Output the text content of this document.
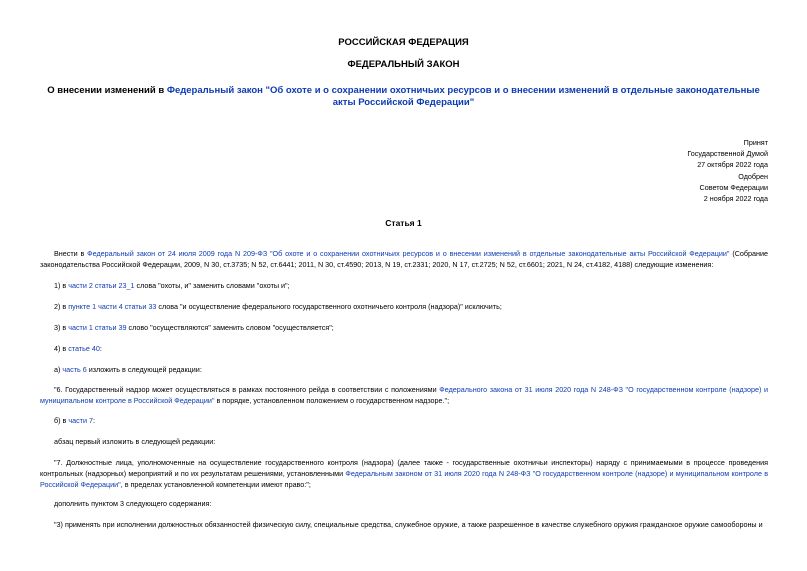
РОССИЙСКАЯ ФЕДЕРАЦИЯ
ФЕДЕРАЛЬНЫЙ ЗАКОН
О внесении изменений в Федеральный закон "Об охоте и о сохранении охотничьих ресурсов и о внесении изменений в отдельные законодательные акты Российской Федерации"
Принят
Государственной Думой
27 октября 2022 года
Одобрен
Советом Федерации
2 ноября 2022 года
Статья 1
Внести в Федеральный закон от 24 июля 2009 года N 209-ФЗ "Об охоте и о сохранении охотничьих ресурсов и о внесении изменений в отдельные законодательные акты Российской Федерации" (Собрание законодательства Российской Федерации, 2009, N 30, ст.3735; N 52, ст.6441; 2011, N 30, ст.4590; 2013, N 19, ст.2331; 2020, N 17, ст.2725; N 52, ст.6601; 2021, N 24, ст.4182, 4188) следующие изменения:
1) в части 2 статьи 23_1 слова "охоты, и" заменить словами "охоты и";
2) в пункте 1 части 4 статьи 33 слова "и осуществление федерального государственного охотничьего контроля (надзора)" исключить;
3) в части 1 статьи 39 слово "осуществляются" заменить словом "осуществляется";
4) в статье 40:
а) часть 6 изложить в следующей редакции:
"6. Государственный надзор может осуществляться в рамках постоянного рейда в соответствии с положениями Федерального закона от 31 июля 2020 года N 248-ФЗ "О государственном контроле (надзоре) и муниципальном контроле в Российской Федерации" в порядке, установленном положением о государственном надзоре.";
б) в части 7:
абзац первый изложить в следующей редакции:
"7. Должностные лица, уполномоченные на осуществление государственного контроля (надзора) (далее также - государственные охотничьи инспекторы) наряду с принимаемыми в процессе проведения контрольных (надзорных) мероприятий и по их результатам решениями, установленными Федеральным законом от 31 июля 2020 года N 248-ФЗ "О государственном контроле (надзоре) и муниципальном контроле в Российской Федерации", в пределах установленной компетенции имеют право:";
дополнить пунктом 3 следующего содержания:
"3) применять при исполнении должностных обязанностей физическую силу, специальные средства, служебное оружие, а также разрешенное в качестве служебного оружия гражданское оружие самообороны и
